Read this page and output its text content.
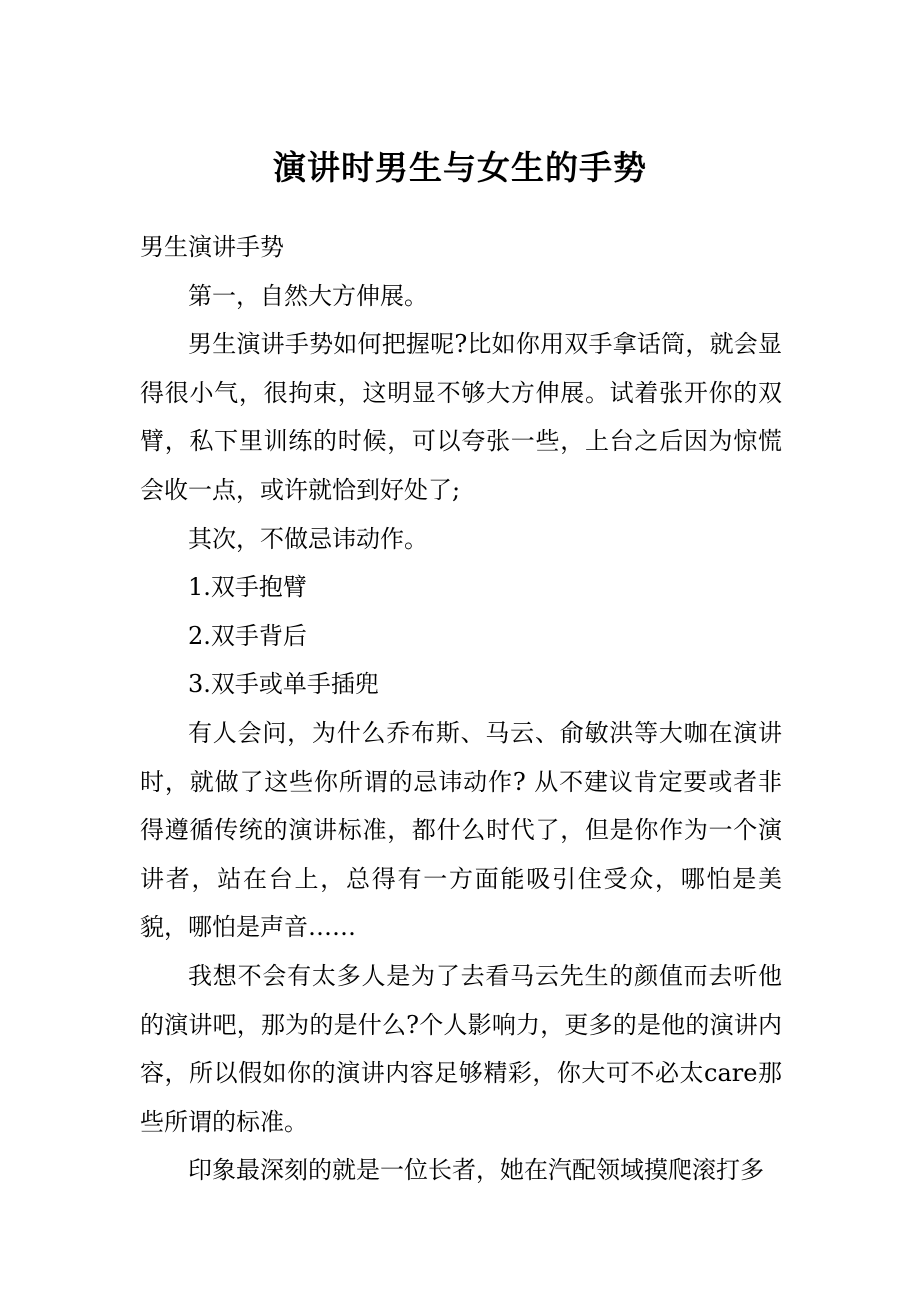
演讲时男生与女生的手势

男生演讲手势

第一，自然大方伸展。

男生演讲手势如何把握呢?比如你用双手拿话筒，就会显得很小气，很拘束，这明显不够大方伸展。试着张开你的双臂，私下里训练的时候，可以夸张一些，上台之后因为惊慌会收一点，或许就恰到好处了;

其次，不做忌讳动作。

1.双手抱臂

2.双手背后

3.双手或单手插兜

有人会问，为什么乔布斯、马云、俞敏洪等大咖在演讲时，就做了这些你所谓的忌讳动作? 从不建议肯定要或者非得遵循传统的演讲标准，都什么时代了，但是你作为一个演讲者，站在台上，总得有一方面能吸引住受众，哪怕是美貌，哪怕是声音……

我想不会有太多人是为了去看马云先生的颜值而去听他的演讲吧，那为的是什么?个人影响力，更多的是他的演讲内容，所以假如你的演讲内容足够精彩，你大可不必太care那些所谓的标准。

印象最深刻的就是一位长者，她在汽配领域摸爬滚打多
